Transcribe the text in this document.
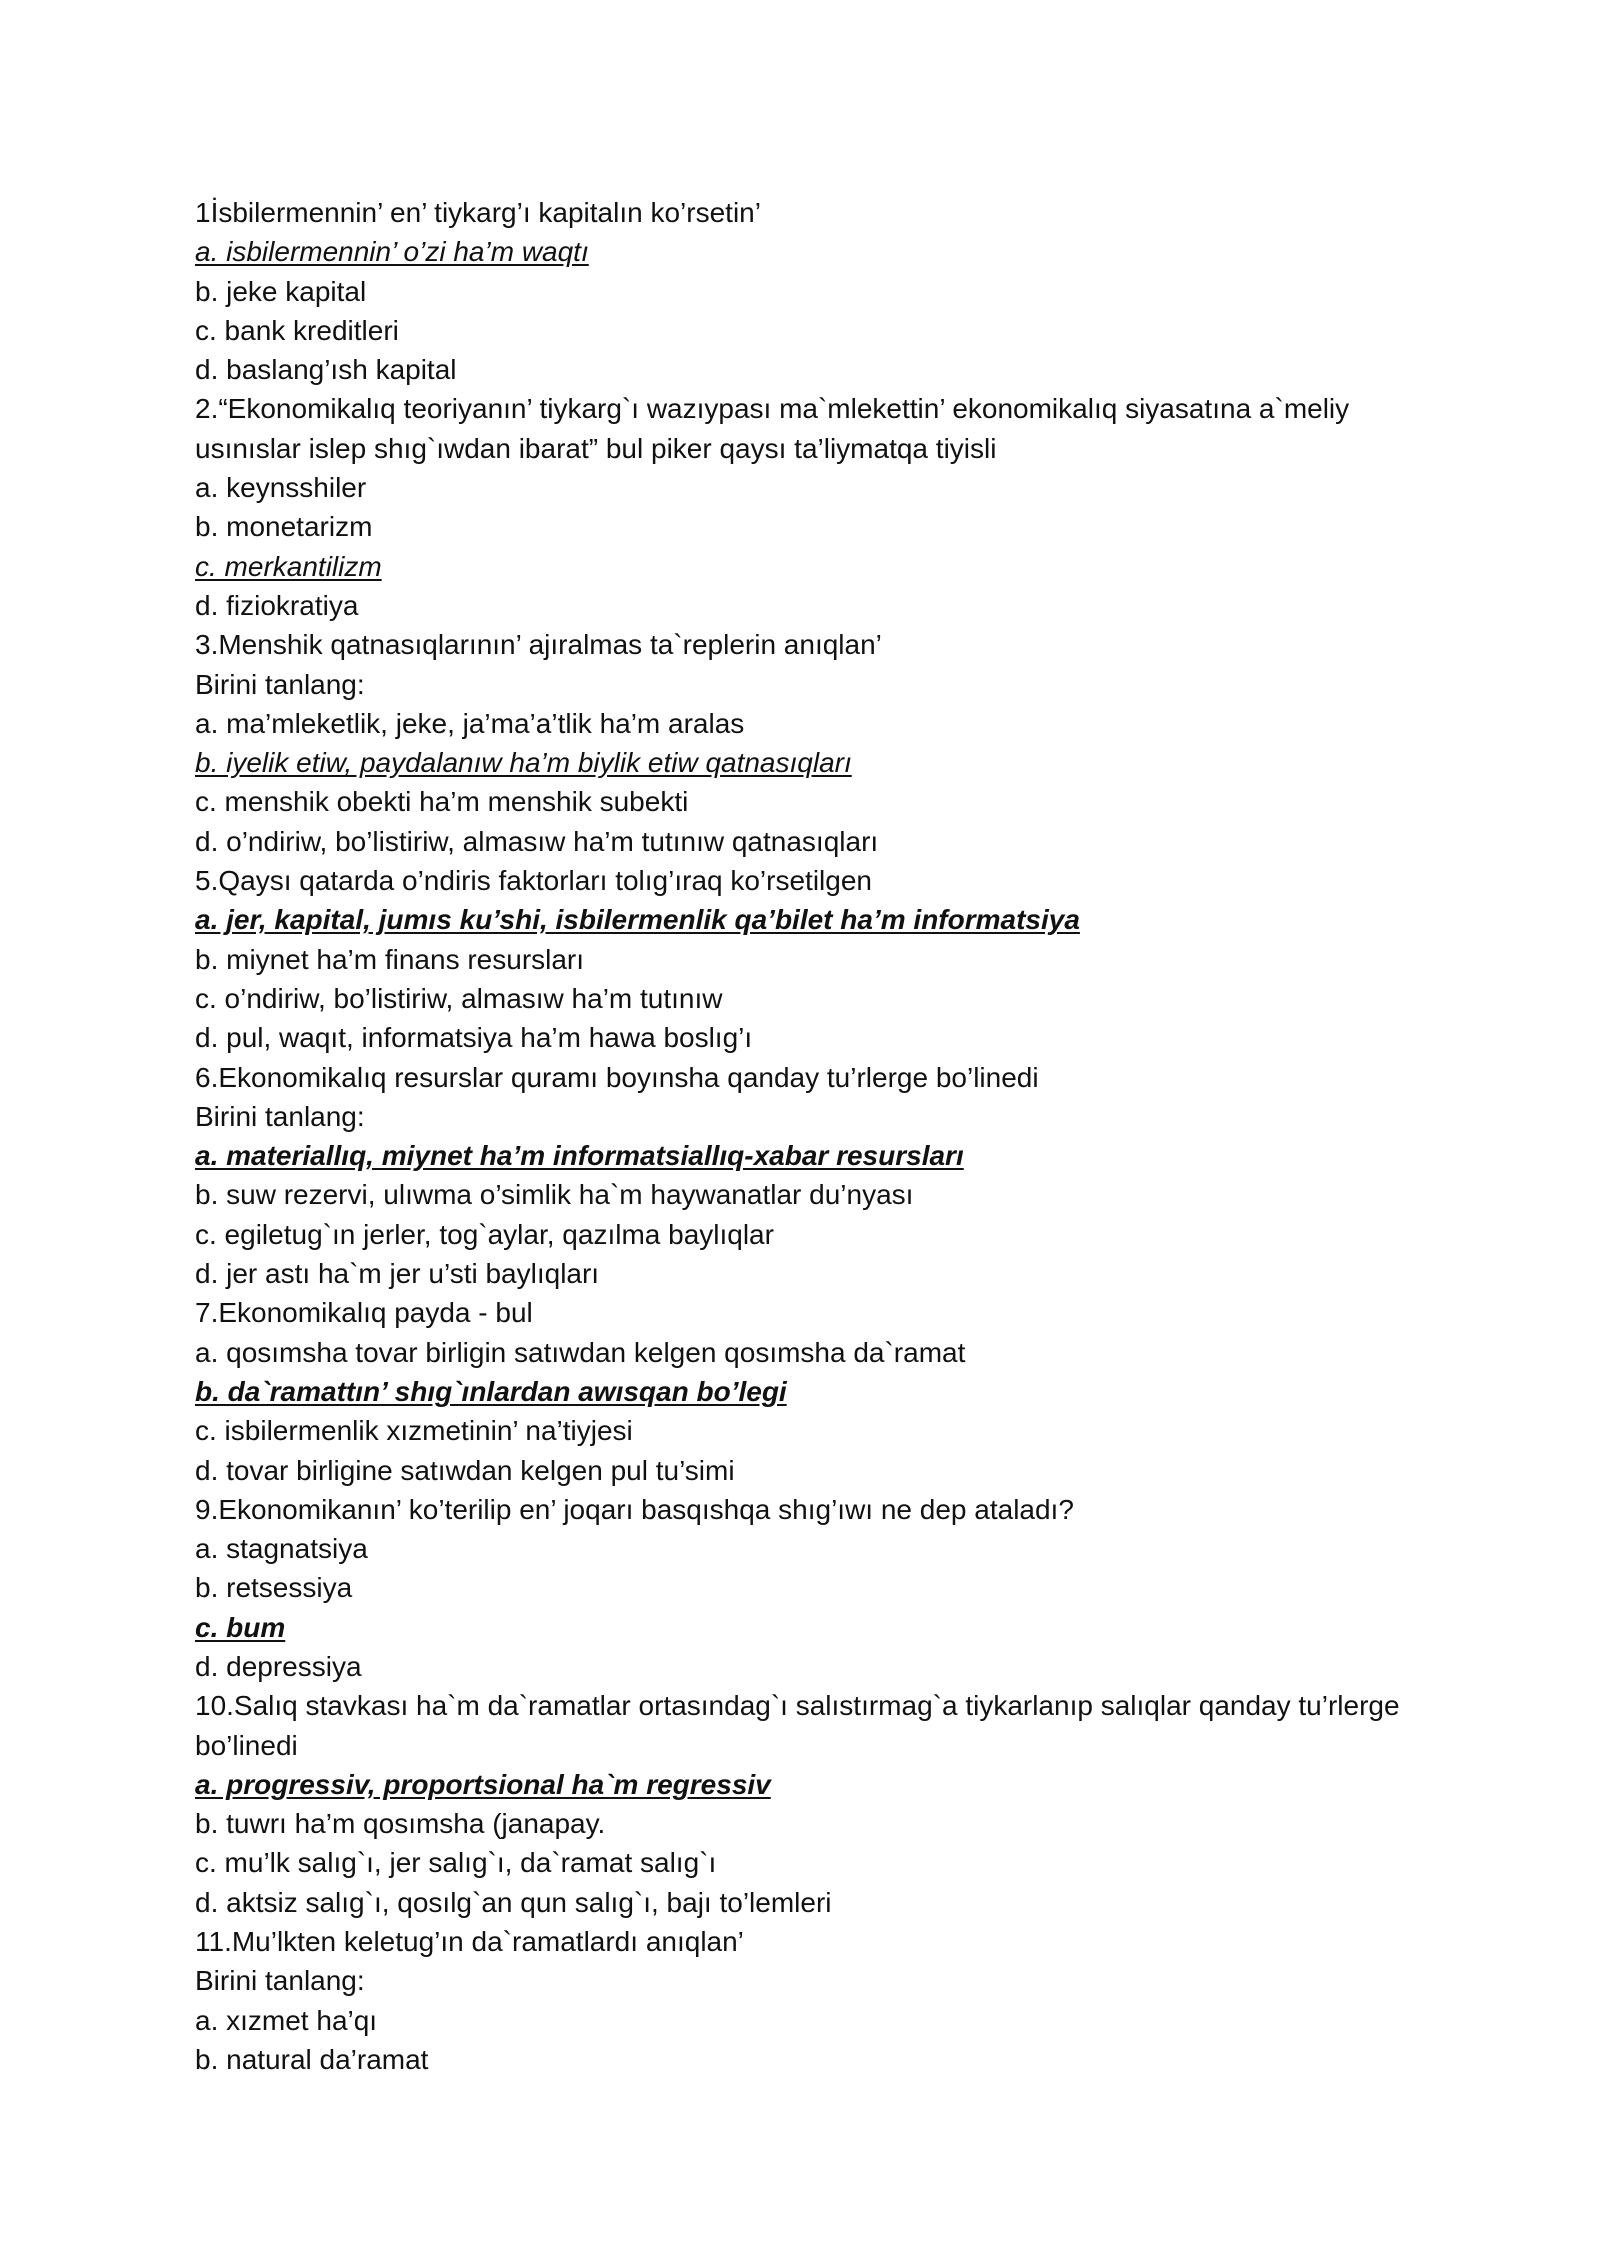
1İsbilermennin’ en’ tiykarg’ı kapitalın ko’rsetin’
a. isbilermennin’ o’zi ha’m waqtı
b. jeke kapital
c. bank kreditleri
d. baslang’ısh kapital
2.“Ekonomikalıq teoriyanın’ tiykarg`ı wazıypası ma`mlekettin’ ekonomikalıq siyasatına a`meliy usınıslar islep shıg`ıwdan ibarat” bul piker qaysı ta’liymatqa tiyisli
a. keynsshiler
b. monetarizm
c. merkantilizm
d. fiziokratiya
3.Menshik qatnasıqlarının’ ajıralmas ta`replerin anıqlan’
Birini tanlang:
a. ma’mleketlik, jeke, ja’ma’a’tlik ha’m aralas
b. iyelik etiw, paydalanıw ha’m biylik etiw qatnasıqları
c. menshik obekti ha’m menshik subekti
d. o’ndiriw, bo’listiriw, almasıw ha’m tutınıw qatnasıqları
5.Qaysı qatarda o’ndiris faktorları tolıg’ıraq ko’rsetilgen
a. jer, kapital, jumıs ku’shi, isbilermenlik qa’bilet ha’m informatsiya
b. miynet ha’m finans resursları
c. o’ndiriw, bo’listiriw, almasıw ha’m tutınıw
d. pul, waqıt, informatsiya ha’m hawa boslıg’ı
6.Ekonomikalıq resurslar quramı boyınsha qanday tu’rlerge bo’linedi
Birini tanlang:
a. materiallıq, miynet ha’m informatsiallıq-xabar resursları
b. suw rezervi, ulıwma o’simlik ha`m haywanatlar du’nyası
c. egiletug`ın jerler, tog`aylar, qazılma baylıqlar
d. jer astı ha`m jer u’sti baylıqları
7.Ekonomikalıq payda - bul
a. qosımsha tovar birligin satıwdan kelgen qosımsha da`ramat
b. da`ramattın’ shıg`ınlardan awısqan bo’legi
c. isbilermenlik xızmetinin’ na’tiyjesi
d. tovar birligine satıwdan kelgen pul tu’simi
9.Ekonomikanın’ ko’terilip en’ joqarı basqıshqa shıg’ıwı ne dep ataladı?
a. stagnatsiya
b. retsessiya
c. bum
d. depressiya
10.Salıq stavkası ha`m da`ramatlar ortasındag`ı salıstırmag`a tiykarlanıp salıqlar qanday tu’rlerge bo’linedi
a. progressiv, proportsional ha`m regressiv
b. tuwrı ha’m qosımsha (janapay.
c. mu’lk salıg`ı, jer salıg`ı, da`ramat salıg`ı
d. aktsiz salıg`ı, qosılg`an qun salıg`ı, bajı to’lemleri
11.Mu’lkten keletug’ın da`ramatlardı anıqlan’
Birini tanlang:
a. xızmet ha’qı
b. natural da’ramat
